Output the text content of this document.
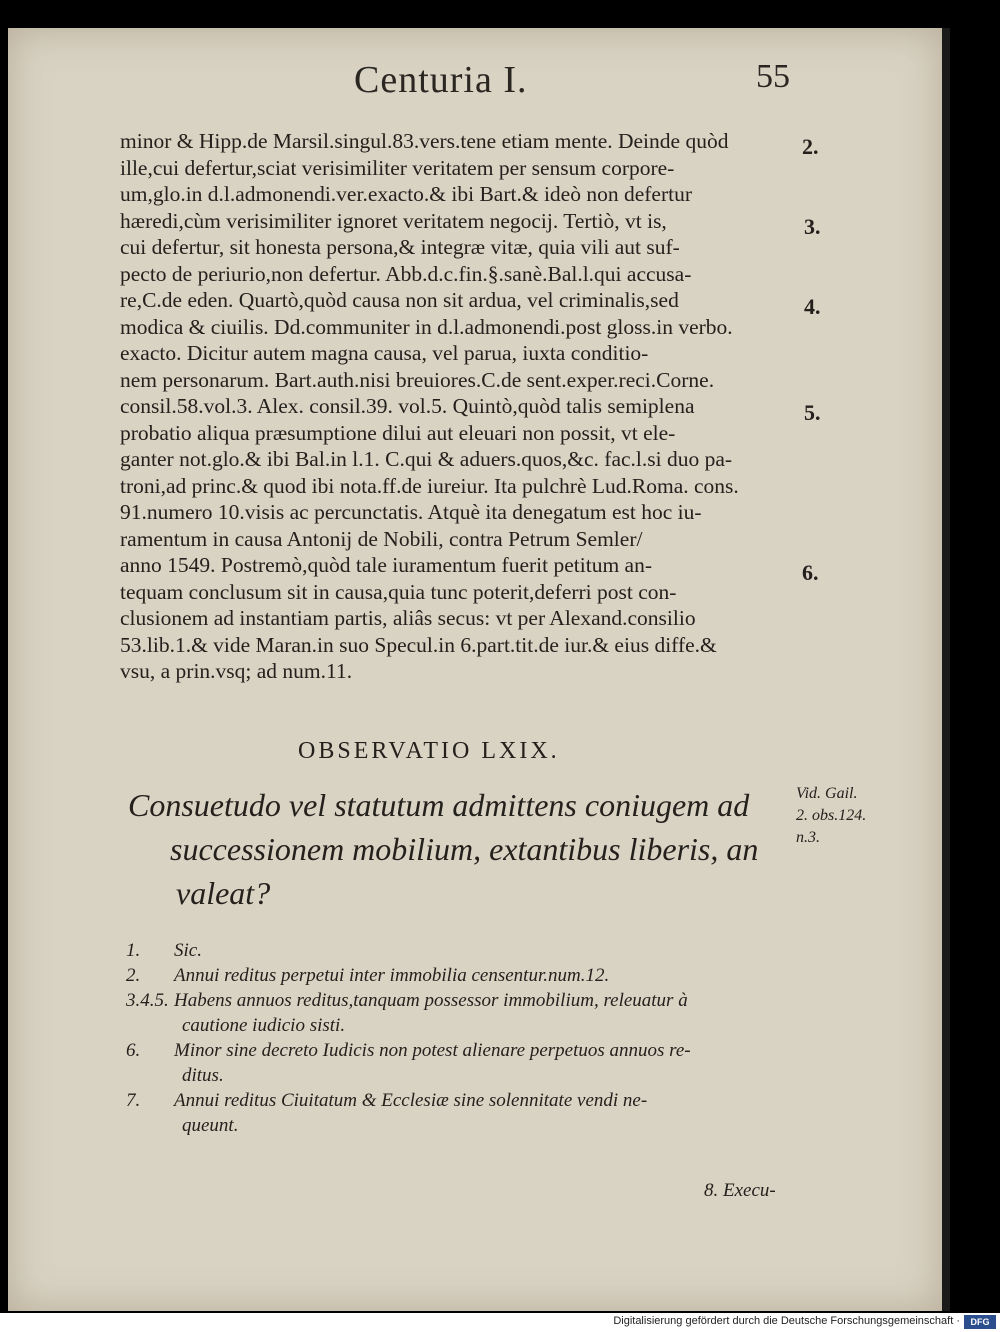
Centuria I.	55
minor & Hipp.de Marsil.singul.83.vers.tene etiam mente. Deinde quòd
ille,cui defertur,sciat verisimiliter veritatem per sensum corpore-
um,glo.in d.l.admonendi.ver.exacto.& ibi Bart.& ideò non defertur
hæredi,cùm verisimiliter ignoret veritatem negocij. Tertiò, vt is,
cui defertur, sit honesta persona,& integræ vitæ, quia vili aut suf-
pecto de periurio,non defertur. Abb.d.c.fin.§.sanè.Bal.l.qui accusa-
re,C.de eden. Quartò,quòd causa non sit ardua, vel criminalis,sed
modica & ciuilis. Dd.communiter in d.l.admonendi.post gloss.in verbo.
exacto. Dicitur autem magna causa, vel parua, iuxta conditio-
nem personarum. Bart.auth.nisi breuiores.C.de sent.exper.reci.Corne.
consil.58.vol.3. Alex. consil.39. vol.5. Quintò,quòd talis semiplena
probatio aliqua præsumptione dilui aut eleuari non possit, vt ele-
ganter not.glo.& ibi Bal.in l.1. C.qui & aduers.quos,&c. fac.l.si duo pa-
troni,ad princ.& quod ibi nota.ff.de iureiur. Ita pulchrè Lud.Roma. cons.
91.numero 10.visis ac percunctatis. Atquè ita denegatum est hoc iu-
ramentum in causa Antonij de Nobili, contra Petrum Semler/
anno 1549. Postremò,quòd tale iuramentum fuerit petitum an-
tequam conclusum sit in causa,quia tunc poterit,deferri post con-
clusionem ad instantiam partis, aliâs secus: vt per Alexand.consilio
53.lib.1.& vide Maran.in suo Specul.in 6.part.tit.de iur.& eius diffe.&
vsu, a prin.vsq; ad num.11.
2.
3.
4.
5.
6.
OBSERVATIO LXIX.
Consuetudo vel statutum admittens coniugem ad
successionem mobilium, extantibus liberis, an
valeat?
Vid. Gail.
2. obs.124.
n.3.
1.	Sic.
2.	Annui reditus perpetui inter immobilia censentur.num.12.
3.4.5. Habens annuos reditus,tanquam possessor immobilium, releuatur à
cautione iudicio sisti.
6.	Minor sine decreto Iudicis non potest alienare perpetuos annuos re-
ditus.
7.	Annui reditus Ciuitatum & Ecclesiæ sine solennitate vendi ne-
queunt.
8. Execu-
Digitalisierung gefördert durch die Deutsche Forschungsgemeinschaft ·	DFG
